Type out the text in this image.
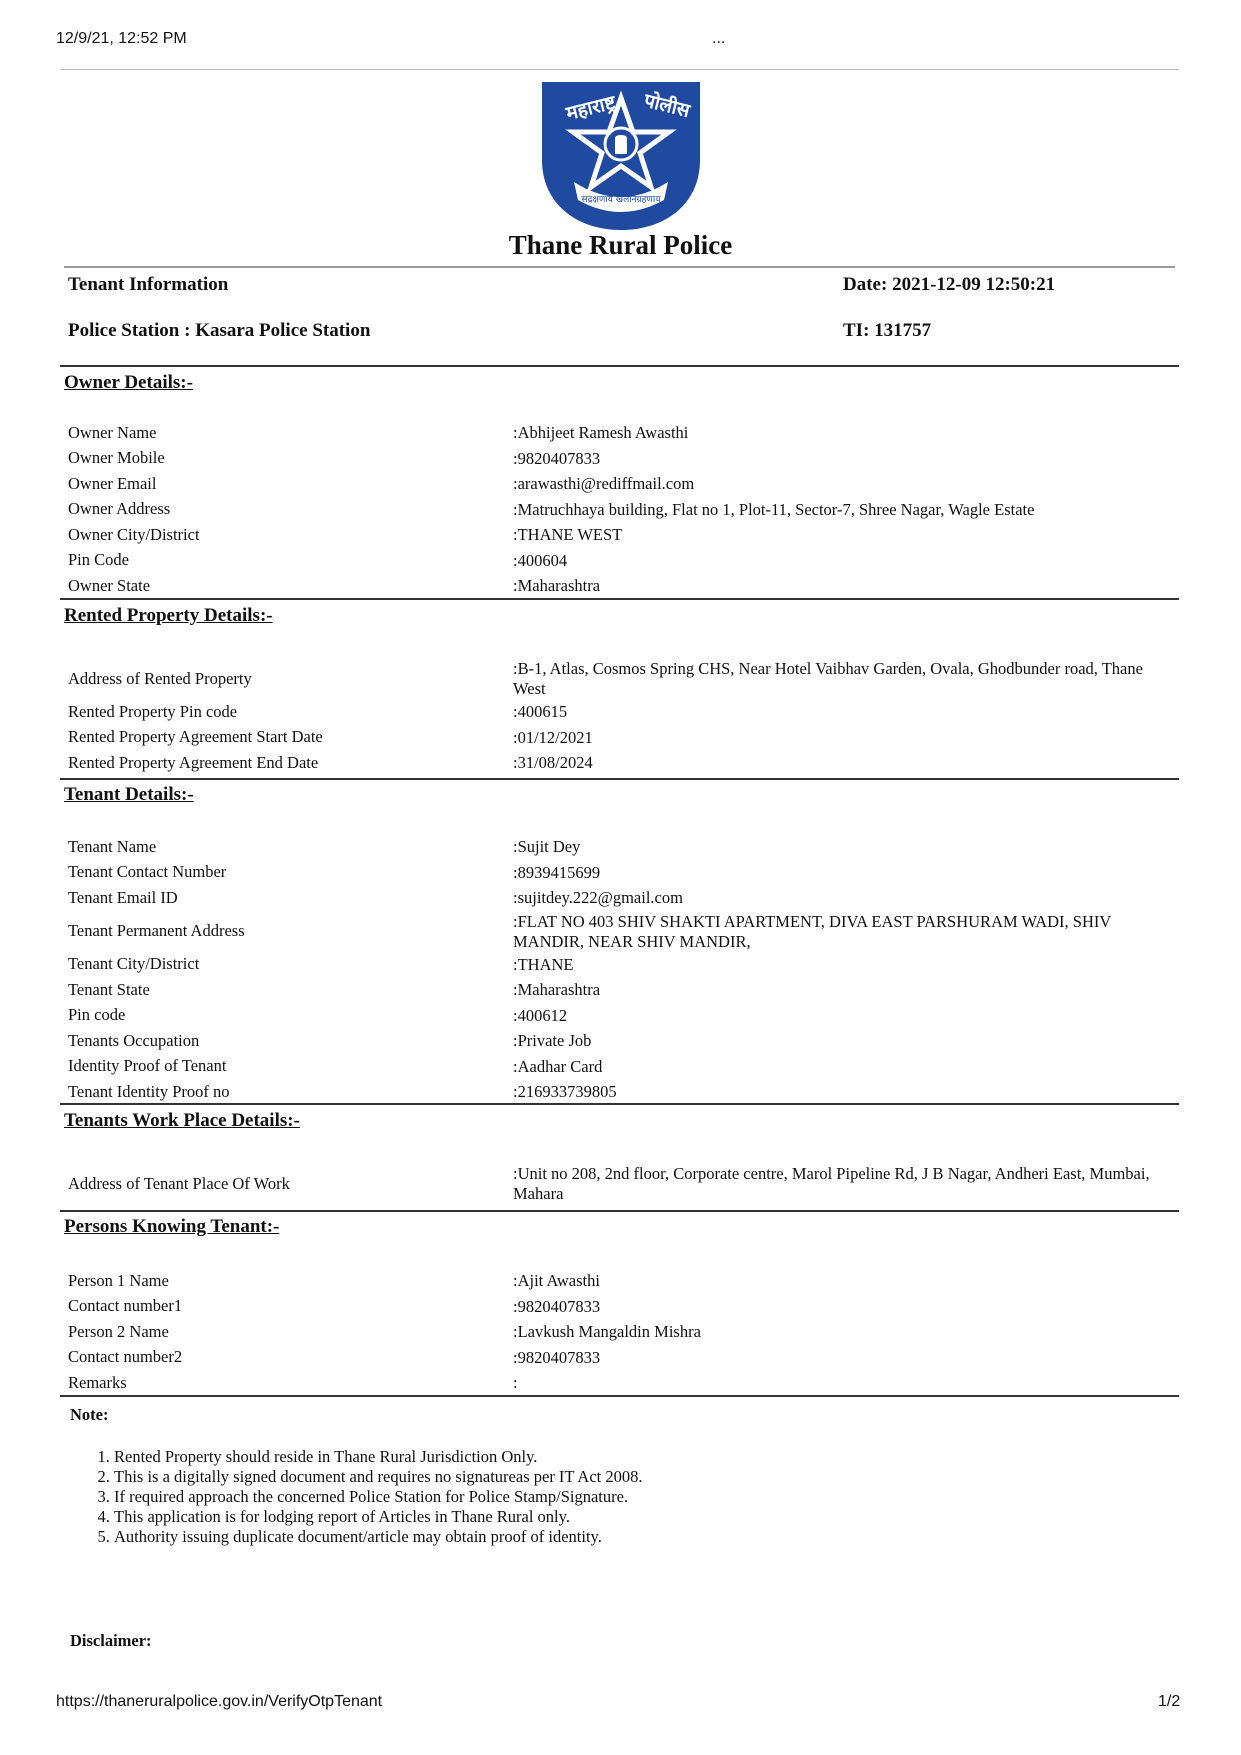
12/9/21, 12:52 PM	...
महाराष्ट्र पोलीस
सद्रक्षणाय खलनिग्रहणाय
Thane Rural Police
Tenant Information	Date: 2021-12-09 12:50:21
Police Station : Kasara Police Station	TI: 131757
Owner Details:-
Owner Name	:Abhijeet Ramesh Awasthi
Owner Mobile	:9820407833
Owner Email	:arawasthi@rediffmail.com
Owner Address	:Matruchhaya building, Flat no 1, Plot-11, Sector-7, Shree Nagar, Wagle Estate
Owner City/District	:THANE WEST
Pin Code	:400604
Owner State	:Maharashtra
Rented Property Details:-
Address of Rented Property	:B-1, Atlas, Cosmos Spring CHS, Near Hotel Vaibhav Garden, Ovala, Ghodbunder road, Thane West
Rented Property Pin code	:400615
Rented Property Agreement Start Date	:01/12/2021
Rented Property Agreement End Date	:31/08/2024
Tenant Details:-
Tenant Name	:Sujit Dey
Tenant Contact Number	:8939415699
Tenant Email ID	:sujitdey.222@gmail.com
Tenant Permanent Address	:FLAT NO 403 SHIV SHAKTI APARTMENT, DIVA EAST PARSHURAM WADI, SHIV MANDIR, NEAR SHIV MANDIR,
Tenant City/District	:THANE
Tenant State	:Maharashtra
Pin code	:400612
Tenants Occupation	:Private Job
Identity Proof of Tenant	:Aadhar Card
Tenant Identity Proof no	:216933739805
Tenants Work Place Details:-
Address of Tenant Place Of Work	:Unit no 208, 2nd floor, Corporate centre, Marol Pipeline Rd, J B Nagar, Andheri East, Mumbai, Mahara
Persons Knowing Tenant:-
Person 1 Name	:Ajit Awasthi
Contact number1	:9820407833
Person 2 Name	:Lavkush Mangaldin Mishra
Contact number2	:9820407833
Remarks	:
Note:
1. Rented Property should reside in Thane Rural Jurisdiction Only.
2. This is a digitally signed document and requires no signatureas per IT Act 2008.
3. If required approach the concerned Police Station for Police Stamp/Signature.
4. This application is for lodging report of Articles in Thane Rural only.
5. Authority issuing duplicate document/article may obtain proof of identity.
Disclaimer:
https://thaneruralpolice.gov.in/VerifyOtpTenant	1/2
